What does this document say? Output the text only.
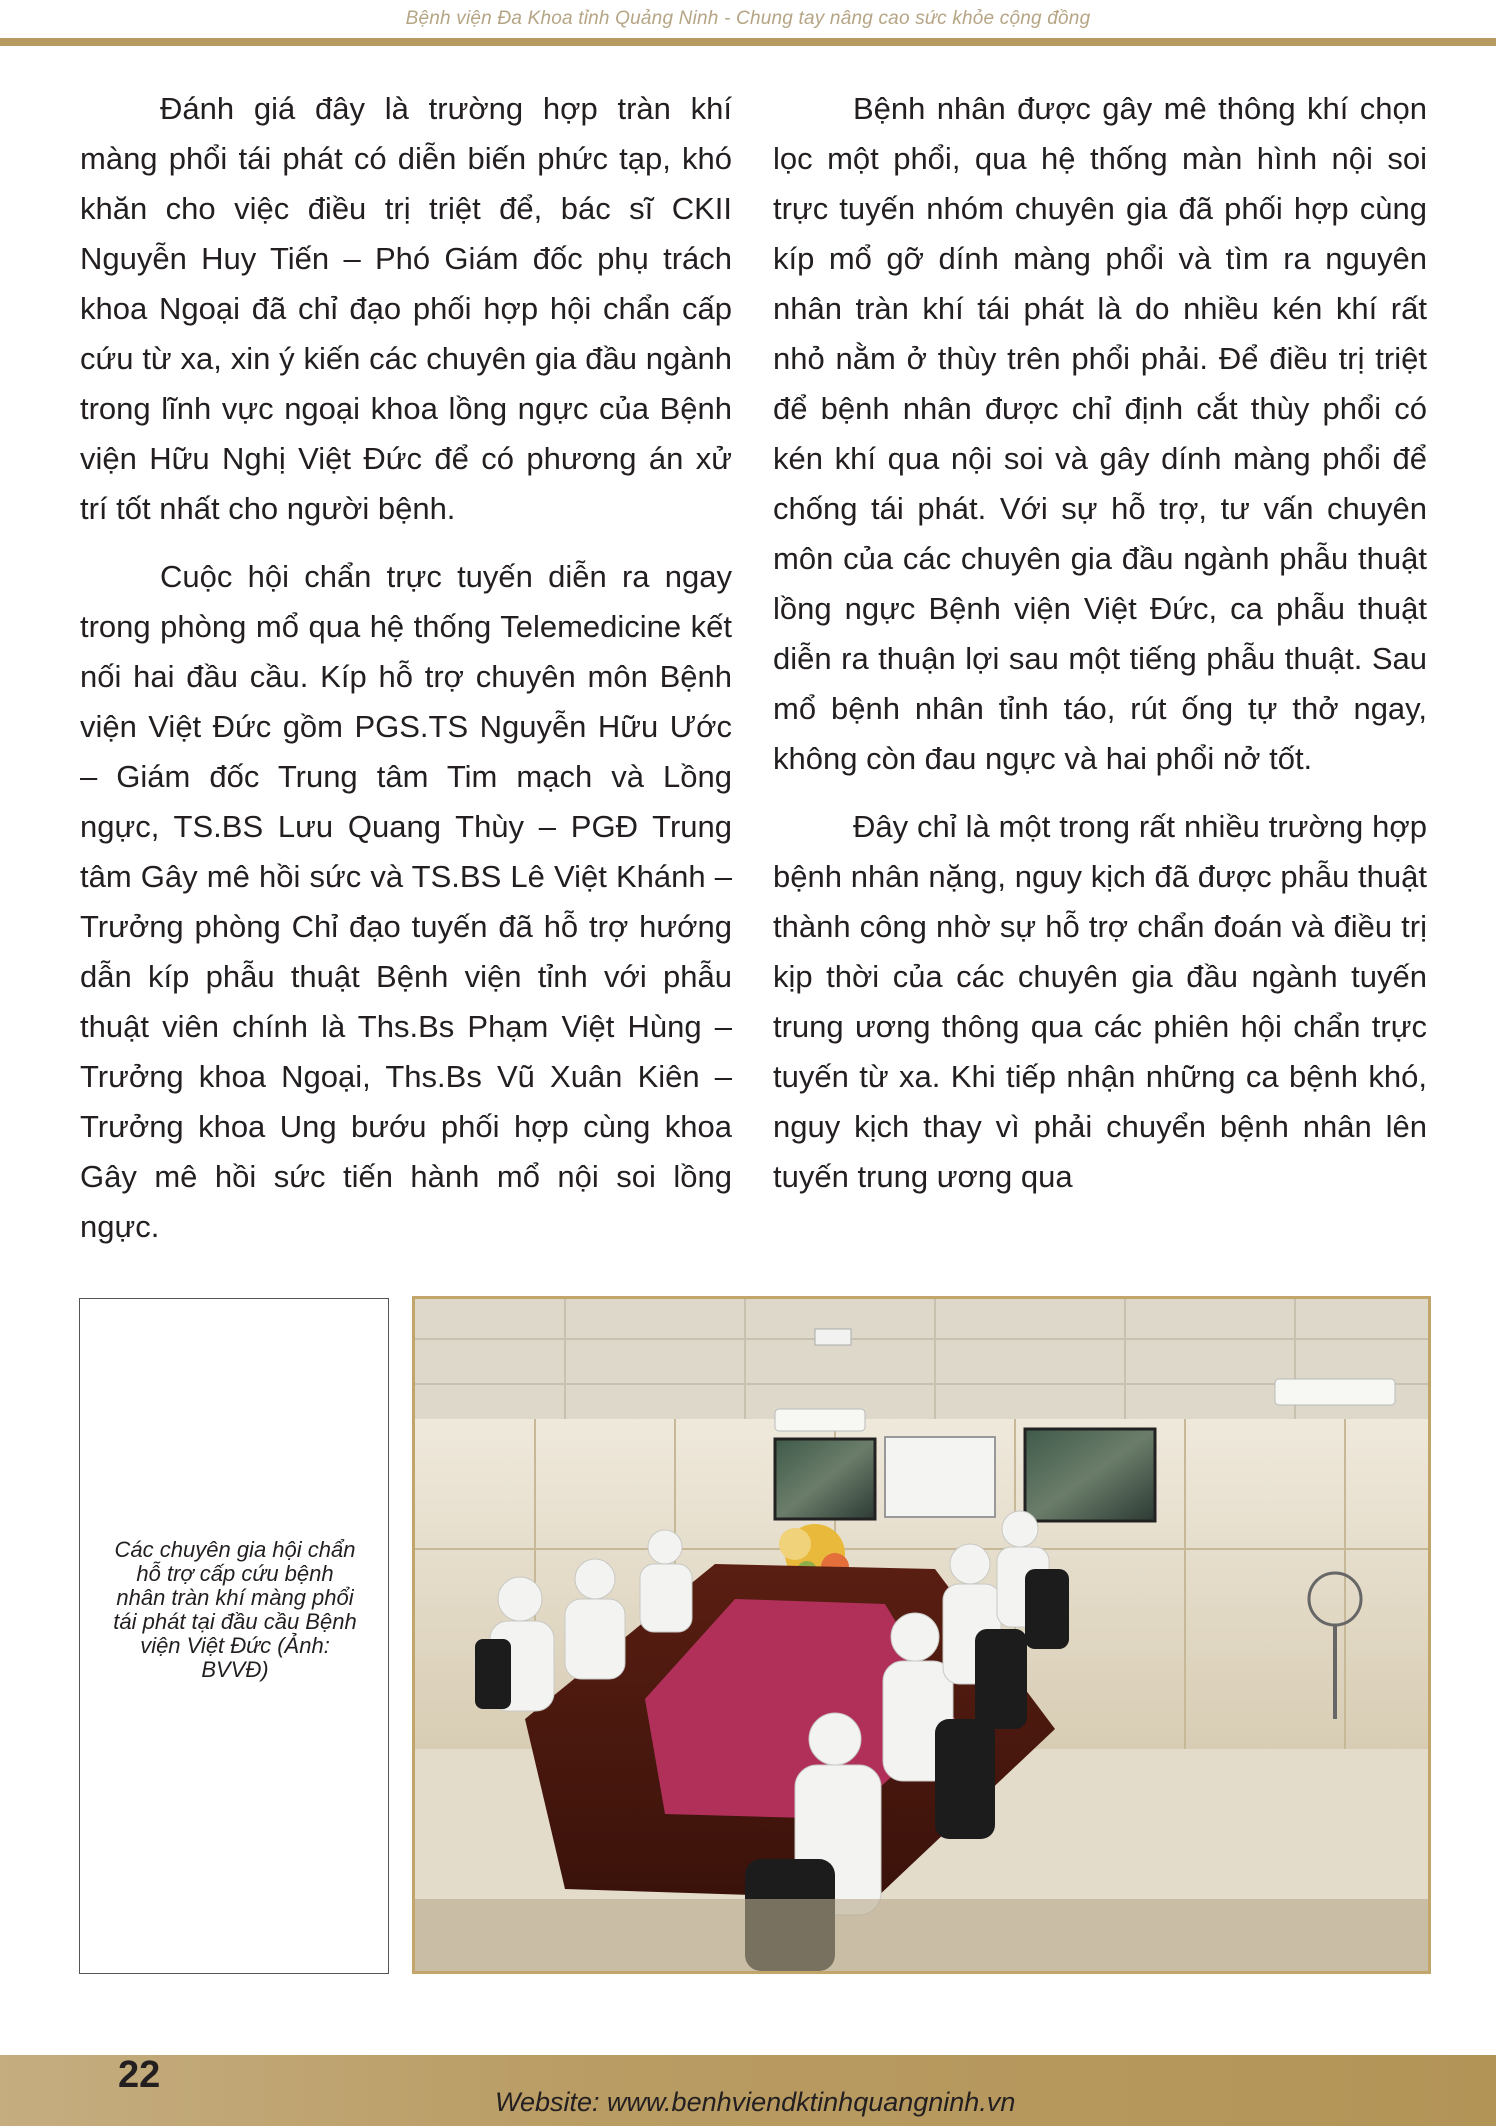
Bệnh viện Đa Khoa tỉnh Quảng Ninh - Chung tay nâng cao sức khỏe cộng đồng

Đánh giá đây là trường hợp tràn khí màng phổi tái phát có diễn biến phức tạp, khó khăn cho việc điều trị triệt để, bác sĩ CKII Nguyễn Huy Tiến – Phó Giám đốc phụ trách khoa Ngoại đã chỉ đạo phối hợp hội chẩn cấp cứu từ xa, xin ý kiến các chuyên gia đầu ngành trong lĩnh vực ngoại khoa lồng ngực của Bệnh viện Hữu Nghị Việt Đức để có phương án xử trí tốt nhất cho người bệnh.

Cuộc hội chẩn trực tuyến diễn ra ngay trong phòng mổ qua hệ thống Telemedicine kết nối hai đầu cầu. Kíp hỗ trợ chuyên môn Bệnh viện Việt Đức gồm PGS.TS Nguyễn Hữu Ước – Giám đốc Trung tâm Tim mạch và Lồng ngực, TS.BS Lưu Quang Thùy – PGĐ Trung tâm Gây mê hồi sức và TS.BS Lê Việt Khánh – Trưởng phòng Chỉ đạo tuyến đã hỗ trợ hướng dẫn kíp phẫu thuật Bệnh viện tỉnh với phẫu thuật viên chính là Ths.Bs Phạm Việt Hùng – Trưởng khoa Ngoại, Ths.Bs Vũ Xuân Kiên – Trưởng khoa Ung bướu phối hợp cùng khoa Gây mê hồi sức tiến hành mổ nội soi lồng ngực.

Bệnh nhân được gây mê thông khí chọn lọc một phổi, qua hệ thống màn hình nội soi trực tuyến nhóm chuyên gia đã phối hợp cùng kíp mổ gỡ dính màng phổi và tìm ra nguyên nhân tràn khí tái phát là do nhiều kén khí rất nhỏ nằm ở thùy trên phổi phải. Để điều trị triệt để bệnh nhân được chỉ định cắt thùy phổi có kén khí qua nội soi và gây dính màng phổi để chống tái phát. Với sự hỗ trợ, tư vấn chuyên môn của các chuyên gia đầu ngành phẫu thuật lồng ngực Bệnh viện Việt Đức, ca phẫu thuật diễn ra thuận lợi sau một tiếng phẫu thuật. Sau mổ bệnh nhân tỉnh táo, rút ống tự thở ngay, không còn đau ngực và hai phổi nở tốt.

Đây chỉ là một trong rất nhiều trường hợp bệnh nhân nặng, nguy kịch đã được phẫu thuật thành công nhờ sự hỗ trợ chẩn đoán và điều trị kịp thời của các chuyên gia đầu ngành tuyến trung ương thông qua các phiên hội chẩn trực tuyến từ xa. Khi tiếp nhận những ca bệnh khó, nguy kịch thay vì phải chuyển bệnh nhân lên tuyến trung ương qua

Các chuyên gia hội chẩn hỗ trợ cấp cứu bệnh nhân tràn khí màng phổi tái phát tại đầu cầu Bệnh viện Việt Đức (Ảnh: BVVĐ)
22
Website: www.benhviendktinhquangninh.vn
